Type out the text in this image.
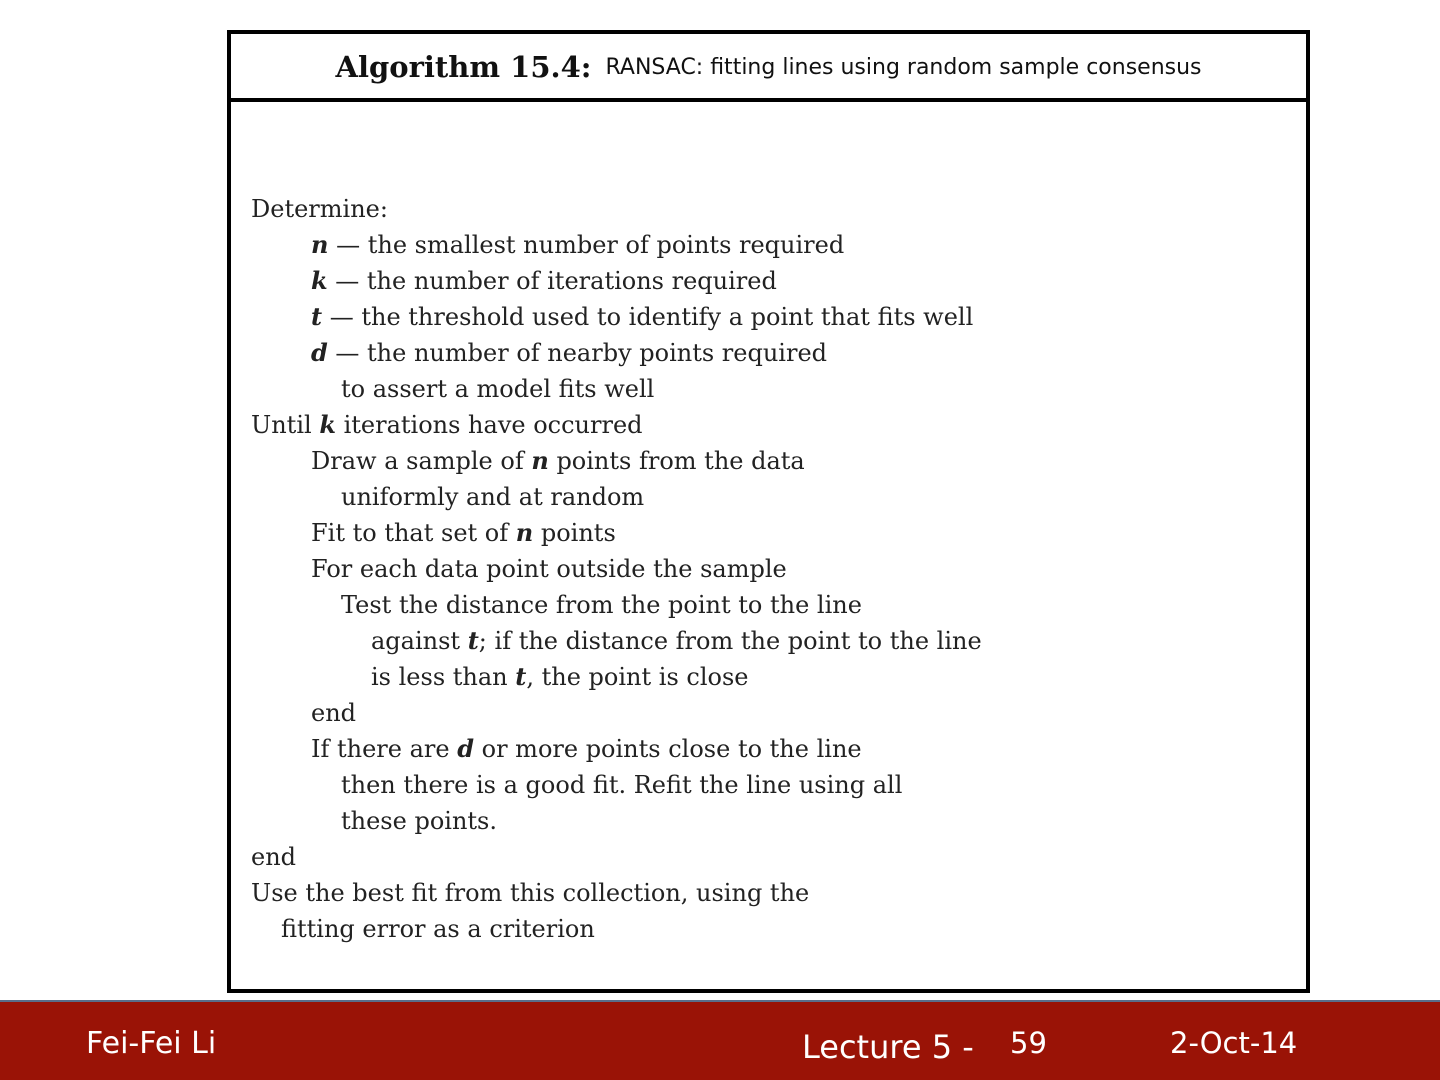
Algorithm 15.4: RANSAC: fitting lines using random sample consensus
Determine:
n — the smallest number of points required
k — the number of iterations required
t — the threshold used to identify a point that fits well
d — the number of nearby points required
to assert a model fits well
Until k iterations have occurred
Draw a sample of n points from the data
uniformly and at random
Fit to that set of n points
For each data point outside the sample
Test the distance from the point to the line
against t; if the distance from the point to the line
is less than t, the point is close
end
If there are d or more points close to the line
then there is a good fit. Refit the line using all
these points.
end
Use the best fit from this collection, using the
fitting error as a criterion
Fei-Fei Li	Lecture 5 - 59	2-Oct-14
